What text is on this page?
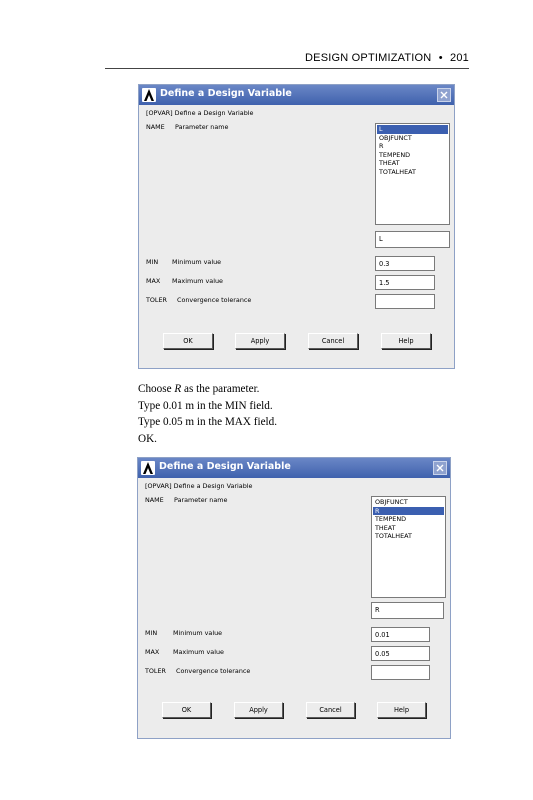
DESIGN OPTIMIZATION • 201
Define a Design Variable
[OPVAR] Define a Design Variable
NAME Parameter name	L
OBJFUNCT
R
TEMPEND
THEAT
TOTALHEAT
L
MIN Minimum value	0.3
MAX Maximum value	1.5
TOLER Convergence tolerance
OK	Apply	Cancel	Help
Choose R as the parameter.
Type 0.01 m in the MIN field.
Type 0.05 m in the MAX field.
OK.
Define a Design Variable
[OPVAR] Define a Design Variable
NAME Parameter name	OBJFUNCT
R
TEMPEND
THEAT
TOTALHEAT
R
MIN Minimum value	0.01
MAX Maximum value	0.05
TOLER Convergence tolerance
OK	Apply	Cancel	Help
